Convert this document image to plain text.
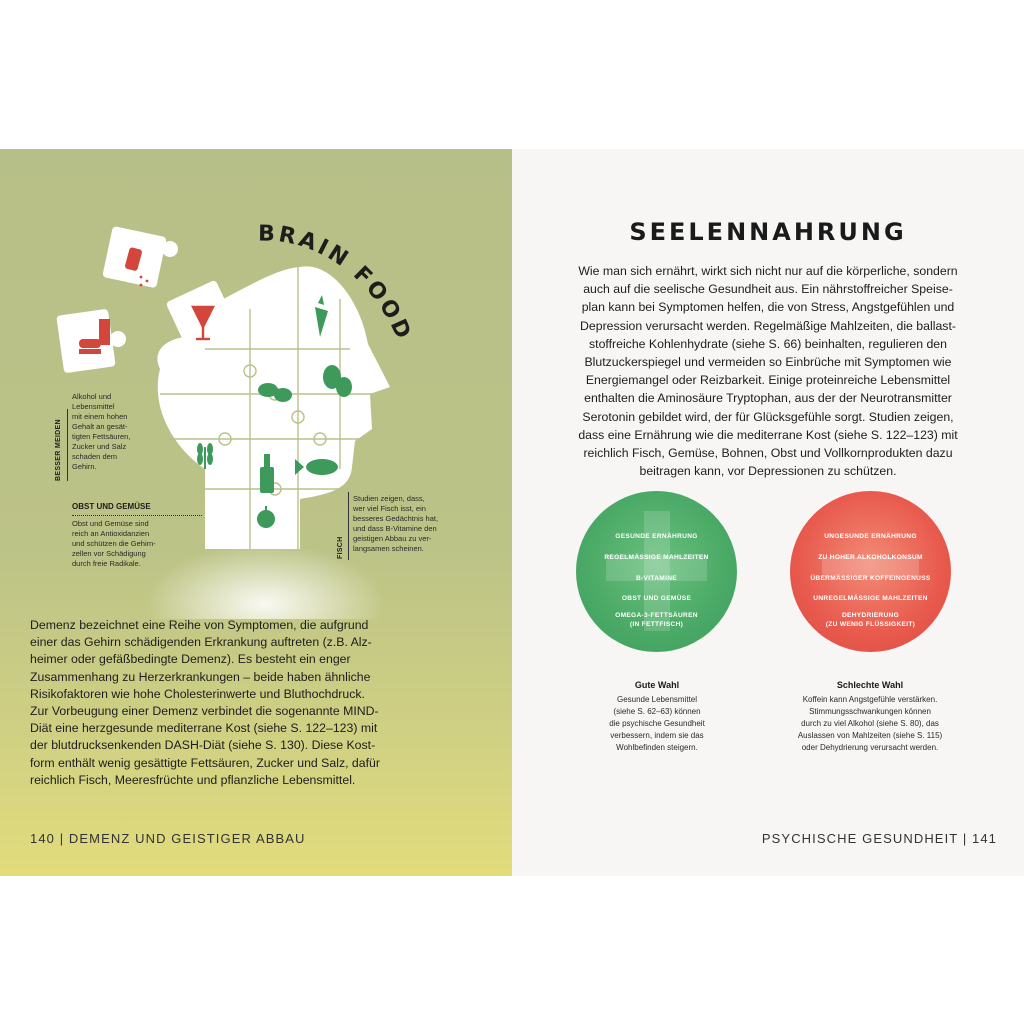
BRAIN FOOD
BESSER MEIDEN
Alkohol und
Lebensmittel
mit einem hohen
Gehalt an gesät-
tigten Fettsäuren,
Zucker und Salz
schaden dem
Gehirn.
OBST UND GEMÜSE
Obst und Gemüse sind
reich an Antioxidanzien
und schützen die Gehirn-
zellen vor Schädigung
durch freie Radikale.
FISCH
Studien zeigen, dass,
wer viel Fisch isst, ein
besseres Gedächtnis hat,
und dass B-Vitamine den
geistigen Abbau zu ver-
langsamen scheinen.
Demenz bezeichnet eine Reihe von Symptomen, die aufgrund
einer das Gehirn schädigenden Erkrankung auftreten (z.B. Alz-
heimer oder gefäßbedingte Demenz). Es besteht ein enger
Zusammenhang zu Herzerkrankungen – beide haben ähnliche
Risikofaktoren wie hohe Cholesterinwerte und Bluthochdruck.
Zur Vorbeugung einer Demenz verbindet die sogenannte MIND-
Diät eine herzgesunde mediterrane Kost (siehe S. 122–123) mit
der blutdrucksenkenden DASH-Diät (siehe S. 130). Diese Kost-
form enthält wenig gesättigte Fettsäuren, Zucker und Salz, dafür
reichlich Fisch, Meeresfrüchte und pflanzliche Lebensmittel.
140 | DEMENZ UND GEISTIGER ABBAU
SEELENNAHRUNG
Wie man sich ernährt, wirkt sich nicht nur auf die körperliche, sondern
auch auf die seelische Gesundheit aus. Ein nährstoffreicher Speise-
plan kann bei Symptomen helfen, die von Stress, Angstgefühlen und
Depression verursacht werden. Regelmäßige Mahlzeiten, die ballast-
stoffreiche Kohlenhydrate (siehe S. 66) beinhalten, regulieren den
Blutzuckerspiegel und vermeiden so Einbrüche mit Symptomen wie
Energiemangel oder Reizbarkeit. Einige proteinreiche Lebensmittel
enthalten die Aminosäure Tryptophan, aus der der Neurotransmitter
Serotonin gebildet wird, der für Glücksgefühle sorgt. Studien zeigen,
dass eine Ernährung wie die mediterrane Kost (siehe S. 122–123) mit
reichlich Fisch, Gemüse, Bohnen, Obst und Vollkornprodukten dazu
beitragen kann, vor Depressionen zu schützen.
GESUNDE ERNÄHRUNG
REGELMÄSSIGE MAHLZEITEN
B-VITAMINE
OBST UND GEMÜSE
OMEGA-3-FETTSÄUREN
(IN FETTFISCH)
UNGESUNDE ERNÄHRUNG
ZU HOHER ALKOHOLKONSUM
ÜBERMÄSSIGER KOFFEINGENUSS
UNREGELMÄSSIGE MAHLZEITEN
DEHYDRIERUNG
(ZU WENIG FLÜSSIGKEIT)
Gute Wahl
Gesunde Lebensmittel
(siehe S. 62–63) können
die psychische Gesundheit
verbessern, indem sie das
Wohlbefinden steigern.
Schlechte Wahl
Koffein kann Angstgefühle verstärken.
Stimmungsschwankungen können
durch zu viel Alkohol (siehe S. 80), das
Auslassen von Mahlzeiten (siehe S. 115)
oder Dehydrierung verursacht werden.
PSYCHISCHE GESUNDHEIT | 141
